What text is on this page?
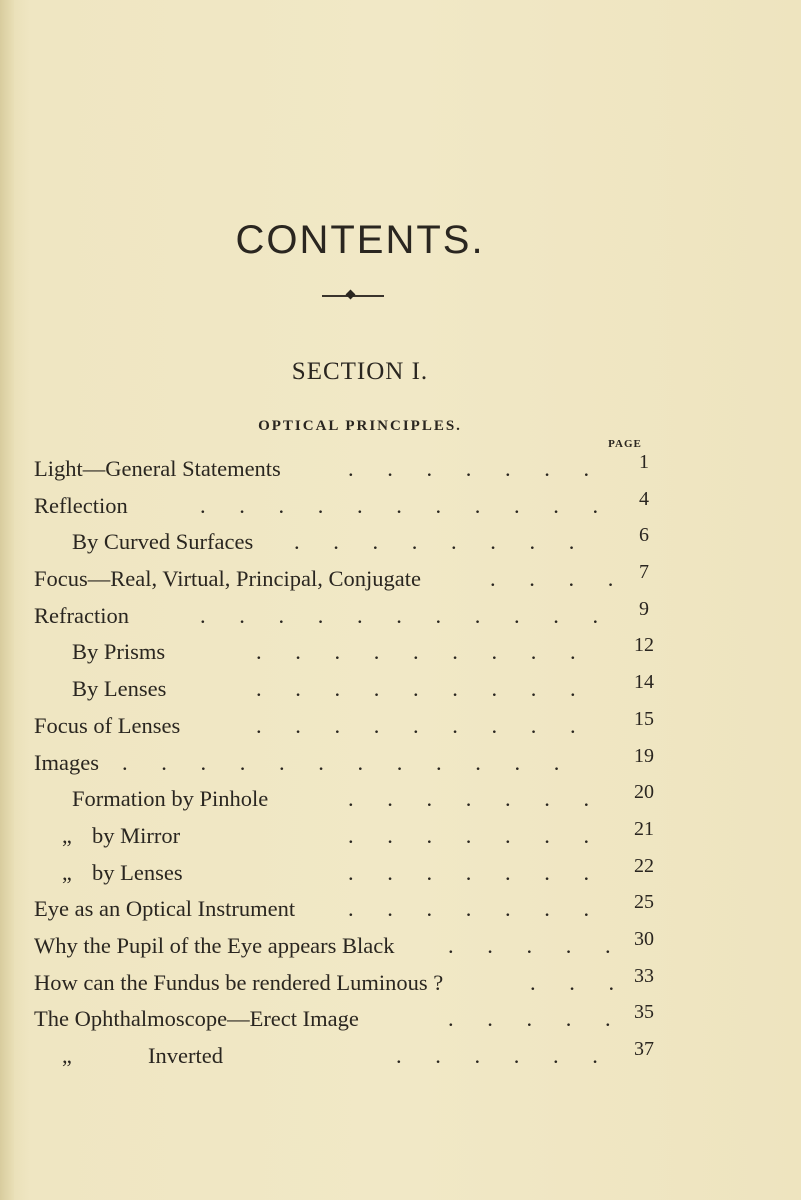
CONTENTS.
SECTION I.
OPTICAL PRINCIPLES.
PAGE
Light—General Statements	. . . . . . .	1
Reflection	. . . . . . . . . . .	4
By Curved Surfaces . . . . . . . .	6
Focus—Real, Virtual, Principal, Conjugate	. . . . 7
Refraction	. . . . . . . . . . .	9
By Prisms	. . . . . . . . .	12
By Lenses	. . . . . . . . .	14
Focus of Lenses	. . . . . . . . .	15
Images . . . . . . . . . . . .	19
Formation by Pinhole	. . . . . . .	20
„ by Mirror	. . . . . . .	21
„ by Lenses	. . . . . . .	22
Eye as an Optical Instrument . . . . . . .	25
Why the Pupil of the Eye appears Black . . . . . 30
How can the Fundus be rendered Luminous ?	. . . 33
The Ophthalmoscope—Erect Image	. . . . . 35
„	Inverted	. . . . . .	37
